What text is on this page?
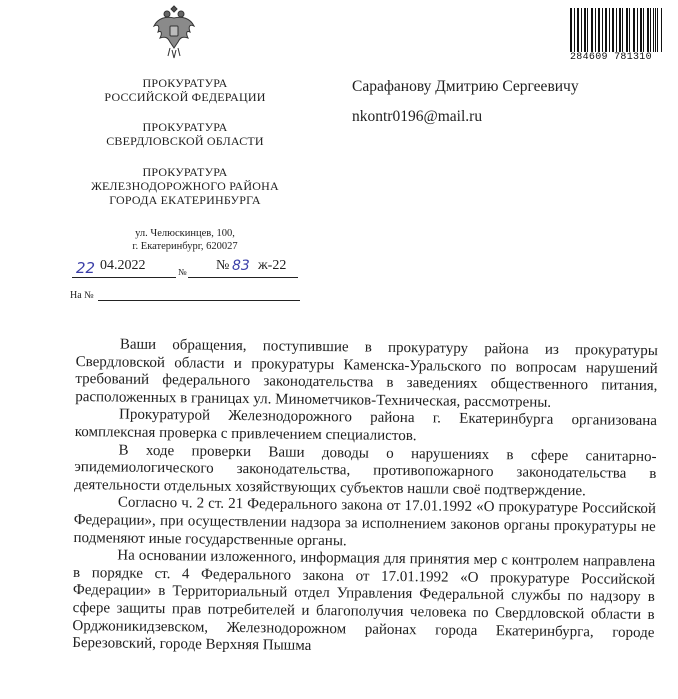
284609 781310
ПРОКУРАТУРА
РОССИЙСКОЙ ФЕДЕРАЦИИ
ПРОКУРАТУРА
СВЕРДЛОВСКОЙ ОБЛАСТИ
ПРОКУРАТУРА
ЖЕЛЕЗНОДОРОЖНОГО РАЙОНА
ГОРОДА ЕКАТЕРИНБУРГА
ул. Челюскинцев, 100,
г. Екатеринбург, 620027
22 04.2022	№ № 83 ж-22
На №
Сарафанову Дмитрию Сергеевичу
nkontr0196@mail.ru

Ваши обращения, поступившие в прокуратуру района из прокуратуры Свердловской области и прокуратуры Каменска-Уральского по вопросам нарушений требований федерального законодательства в заведениях общественного питания, расположенных в границах ул. Минометчиков-Техническая, рассмотрены.

Прокуратурой Железнодорожного района г. Екатеринбурга организована комплексная проверка с привлечением специалистов.

В ходе проверки Ваши доводы о нарушениях в сфере санитарно-эпидемиологического законодательства, противопожарного законодательства в деятельности отдельных хозяйствующих субъектов нашли своё подтверждение.

Согласно ч. 2 ст. 21 Федерального закона от 17.01.1992 «О прокуратуре Российской Федерации», при осуществлении надзора за исполнением законов органы прокуратуры не подменяют иные государственные органы.

На основании изложенного, информация для принятия мер с контролем направлена в порядке ст. 4 Федерального закона от 17.01.1992 «О прокуратуре Российской Федерации» в Территориальный отдел Управления Федеральной службы по надзору в сфере защиты прав потребителей и благополучия человека по Свердловской области в Орджоникидзевском, Железнодорожном районах города Екатеринбурга, городе Березовский, городе Верхняя Пышма
